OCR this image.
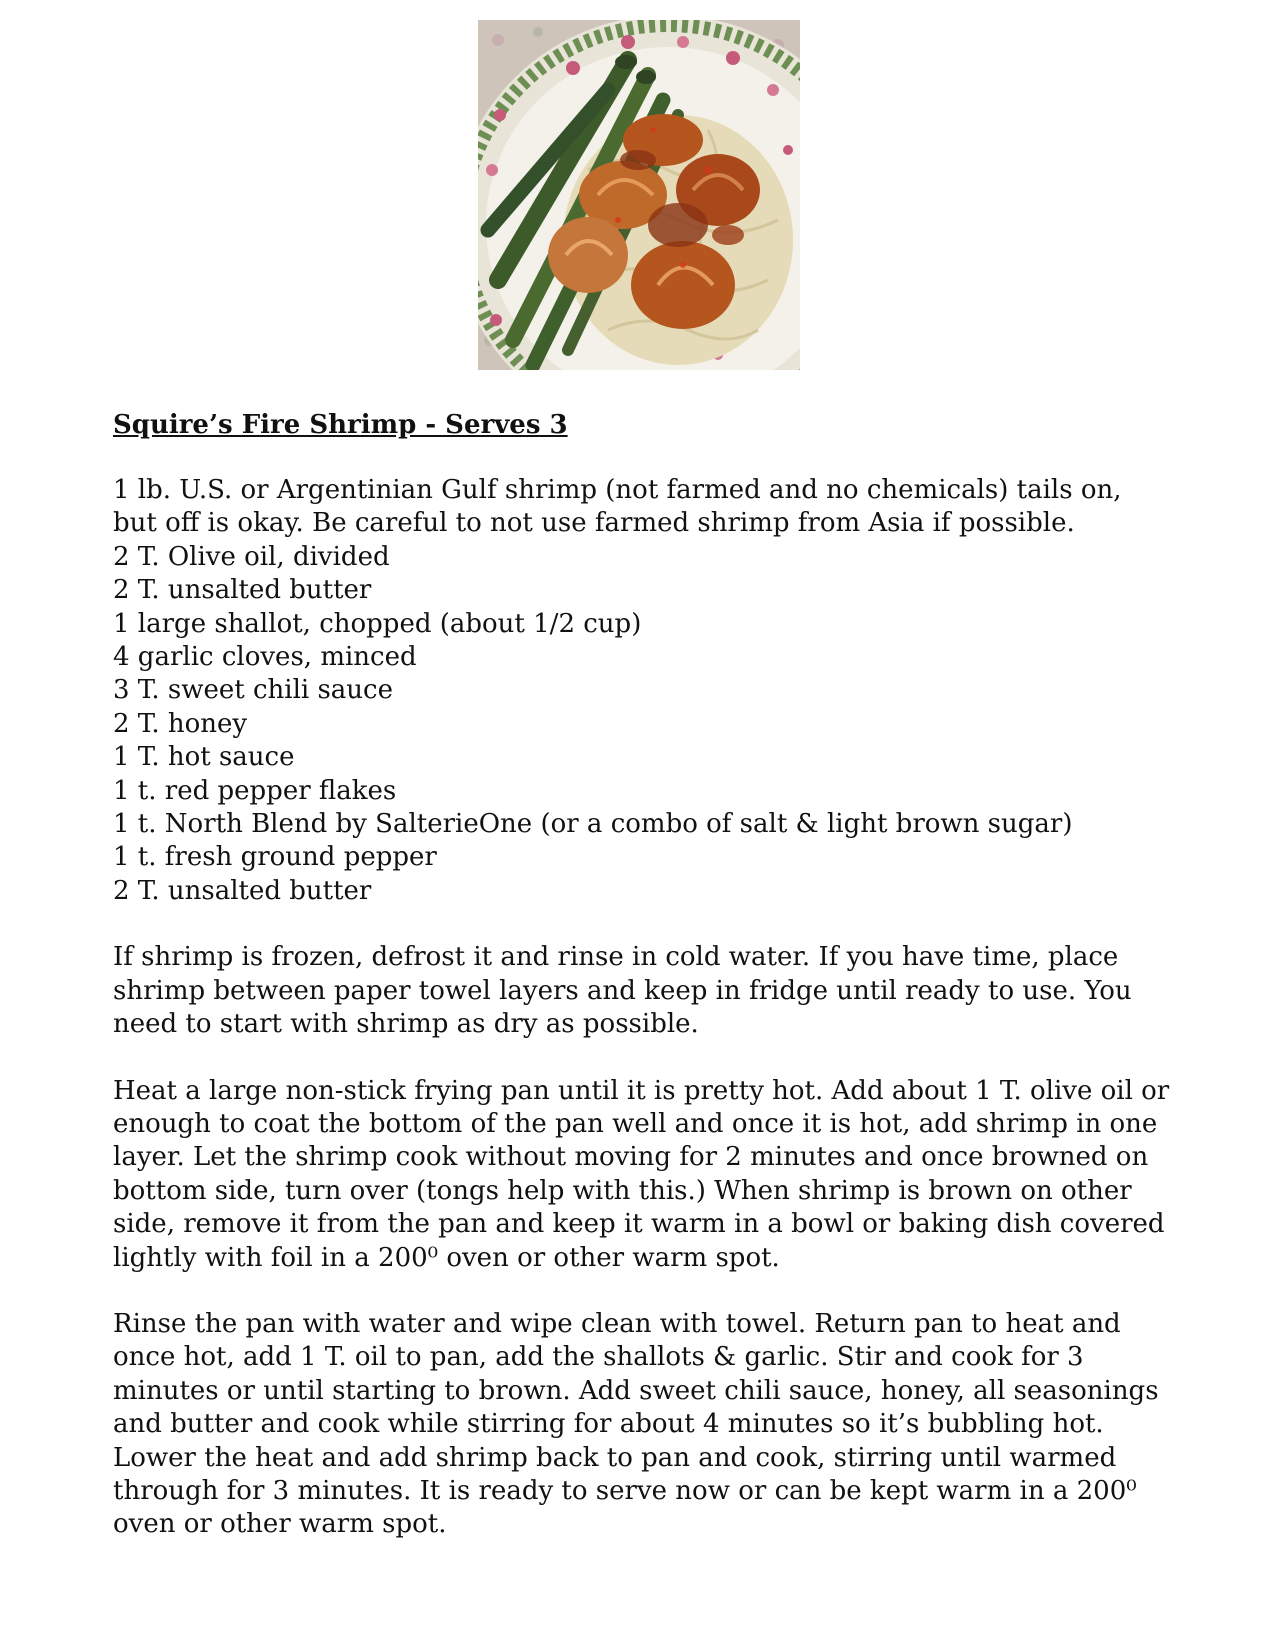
Squire’s Fire Shrimp - Serves 3
1 lb. U.S. or Argentinian Gulf shrimp (not farmed and no chemicals) tails on, but off is okay. Be careful to not use farmed shrimp from Asia if possible.
2 T. Olive oil, divided
2 T. unsalted butter
1 large shallot, chopped (about 1/2 cup)
4 garlic cloves, minced
3 T. sweet chili sauce
2 T. honey
1 T. hot sauce
1 t. red pepper flakes
1 t. North Blend by SalterieOne (or a combo of salt & light brown sugar)
1 t. fresh ground pepper
2 T. unsalted butter

If shrimp is frozen, defrost it and rinse in cold water. If you have time, place shrimp between paper towel layers and keep in fridge until ready to use. You need to start with shrimp as dry as possible.

Heat a large non-stick frying pan until it is pretty hot. Add about 1 T. olive oil or enough to coat the bottom of the pan well and once it is hot, add shrimp in one layer. Let the shrimp cook without moving for 2 minutes and once browned on bottom side, turn over (tongs help with this.) When shrimp is brown on other side, remove it from the pan and keep it warm in a bowl or baking dish covered lightly with foil in a 200⁰ oven or other warm spot.

Rinse the pan with water and wipe clean with towel. Return pan to heat and once hot, add 1 T. oil to pan, add the shallots & garlic. Stir and cook for 3 minutes or until starting to brown. Add sweet chili sauce, honey, all seasonings and butter and cook while stirring for about 4 minutes so it’s bubbling hot. Lower the heat and add shrimp back to pan and cook, stirring until warmed through for 3 minutes. It is ready to serve now or can be kept warm in a 200⁰ oven or other warm spot.
